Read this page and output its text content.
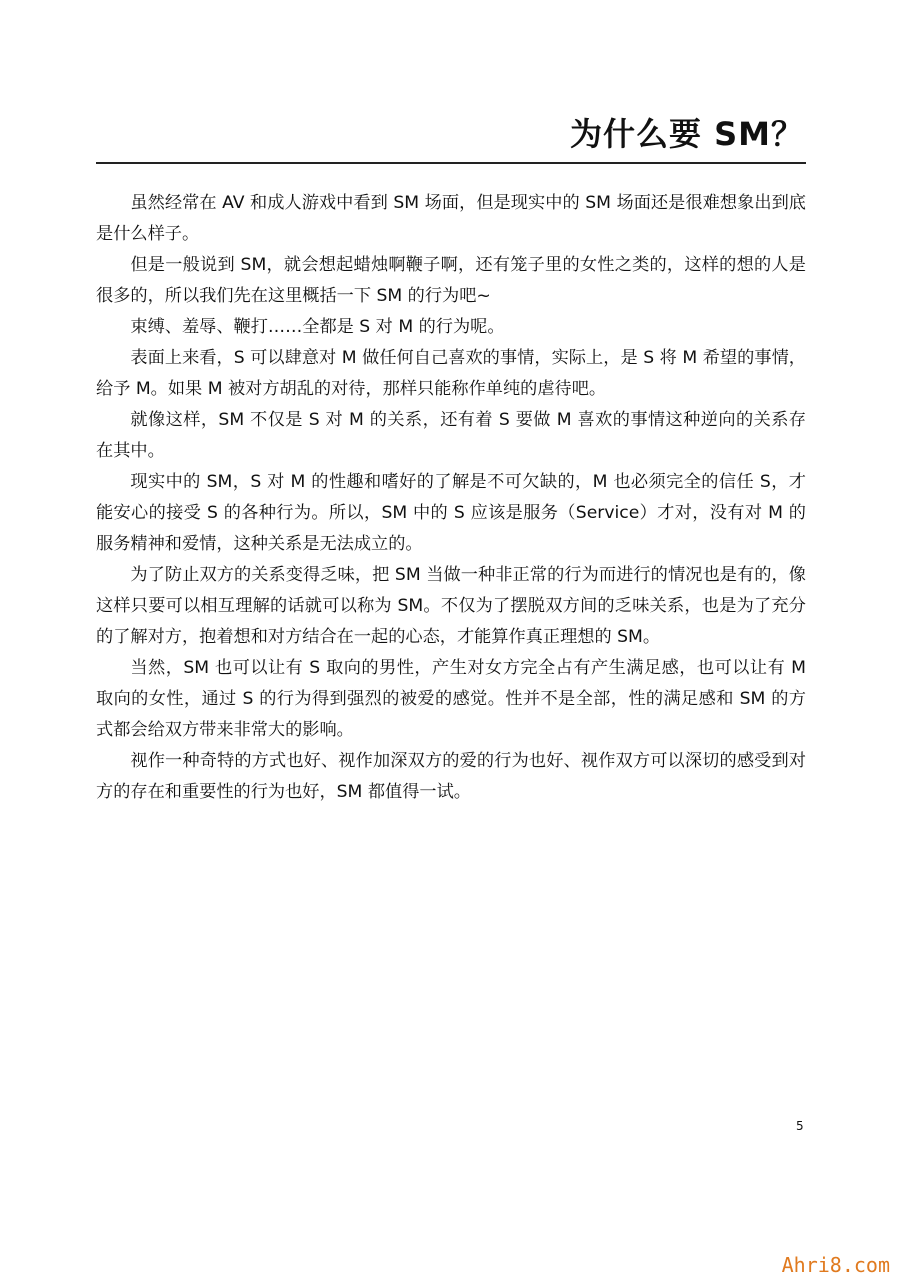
为什么要 SM？

虽然经常在 AV 和成人游戏中看到 SM 场面，但是现实中的 SM 场面还是很难想象出到底是什么样子。

但是一般说到 SM，就会想起蜡烛啊鞭子啊，还有笼子里的女性之类的，这样的想的人是很多的，所以我们先在这里概括一下 SM 的行为吧~

束缚、羞辱、鞭打……全都是 S 对 M 的行为呢。

表面上来看，S 可以肆意对 M 做任何自己喜欢的事情，实际上，是 S 将 M 希望的事情，给予 M。如果 M 被对方胡乱的对待，那样只能称作单纯的虐待吧。

就像这样，SM 不仅是 S 对 M 的关系，还有着 S 要做 M 喜欢的事情这种逆向的关系存在其中。

现实中的 SM，S 对 M 的性趣和嗜好的了解是不可欠缺的，M 也必须完全的信任 S，才能安心的接受 S 的各种行为。所以，SM 中的 S 应该是服务（Service）才对，没有对 M 的服务精神和爱情，这种关系是无法成立的。

为了防止双方的关系变得乏味，把 SM 当做一种非正常的行为而进行的情况也是有的，像这样只要可以相互理解的话就可以称为 SM。不仅为了摆脱双方间的乏味关系，也是为了充分的了解对方，抱着想和对方结合在一起的心态，才能算作真正理想的 SM。

当然，SM 也可以让有 S 取向的男性，产生对女方完全占有产生满足感，也可以让有 M 取向的女性，通过 S 的行为得到强烈的被爱的感觉。性并不是全部，性的满足感和 SM 的方式都会给双方带来非常大的影响。

视作一种奇特的方式也好、视作加深双方的爱的行为也好、视作双方可以深切的感受到对方的存在和重要性的行为也好，SM 都值得一试。

5
Ahri8.com
